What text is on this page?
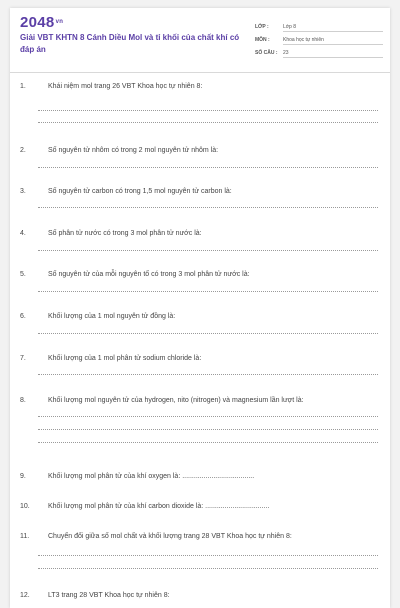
$2048^{vn}$
Giải VBT KHTN 8 Cánh Diều Mol và tỉ khối của chất khí có đáp án
LỚP :	Lớp 8
MÔN :	Khoa học tự nhiên
SỐ CÂU :	23
1.	Khái niệm mol trang 26 VBT Khoa học tự nhiên 8:
2.	Số nguyên tử nhôm có trong 2 mol nguyên tử nhôm là:
3.	Số nguyên tử carbon có trong 1,5 mol nguyên tử carbon là:
4.	Số phân tử nước có trong 3 mol phân tử nước là:
5.	Số nguyên tử của mỗi nguyên tố có trong 3 mol phân tử nước là:
6.	Khối lượng của 1 mol nguyên tử đồng là:
7.	Khối lượng của 1 mol phân tử sodium chloride là:
8.	Khối lượng mol nguyên tử của hydrogen, nito (nitrogen) và magnesium lần lượt là:
9.	Khối lượng mol phân tử của khí oxygen là: .....................................
10.	Khối lượng mol phân tử của khí carbon dioxide là: .................................
11.	Chuyển đổi giữa số mol chất và khối lượng trang 28 VBT Khoa học tự nhiên 8:
12.	LT3 trang 28 VBT Khoa học tự nhiên 8:
